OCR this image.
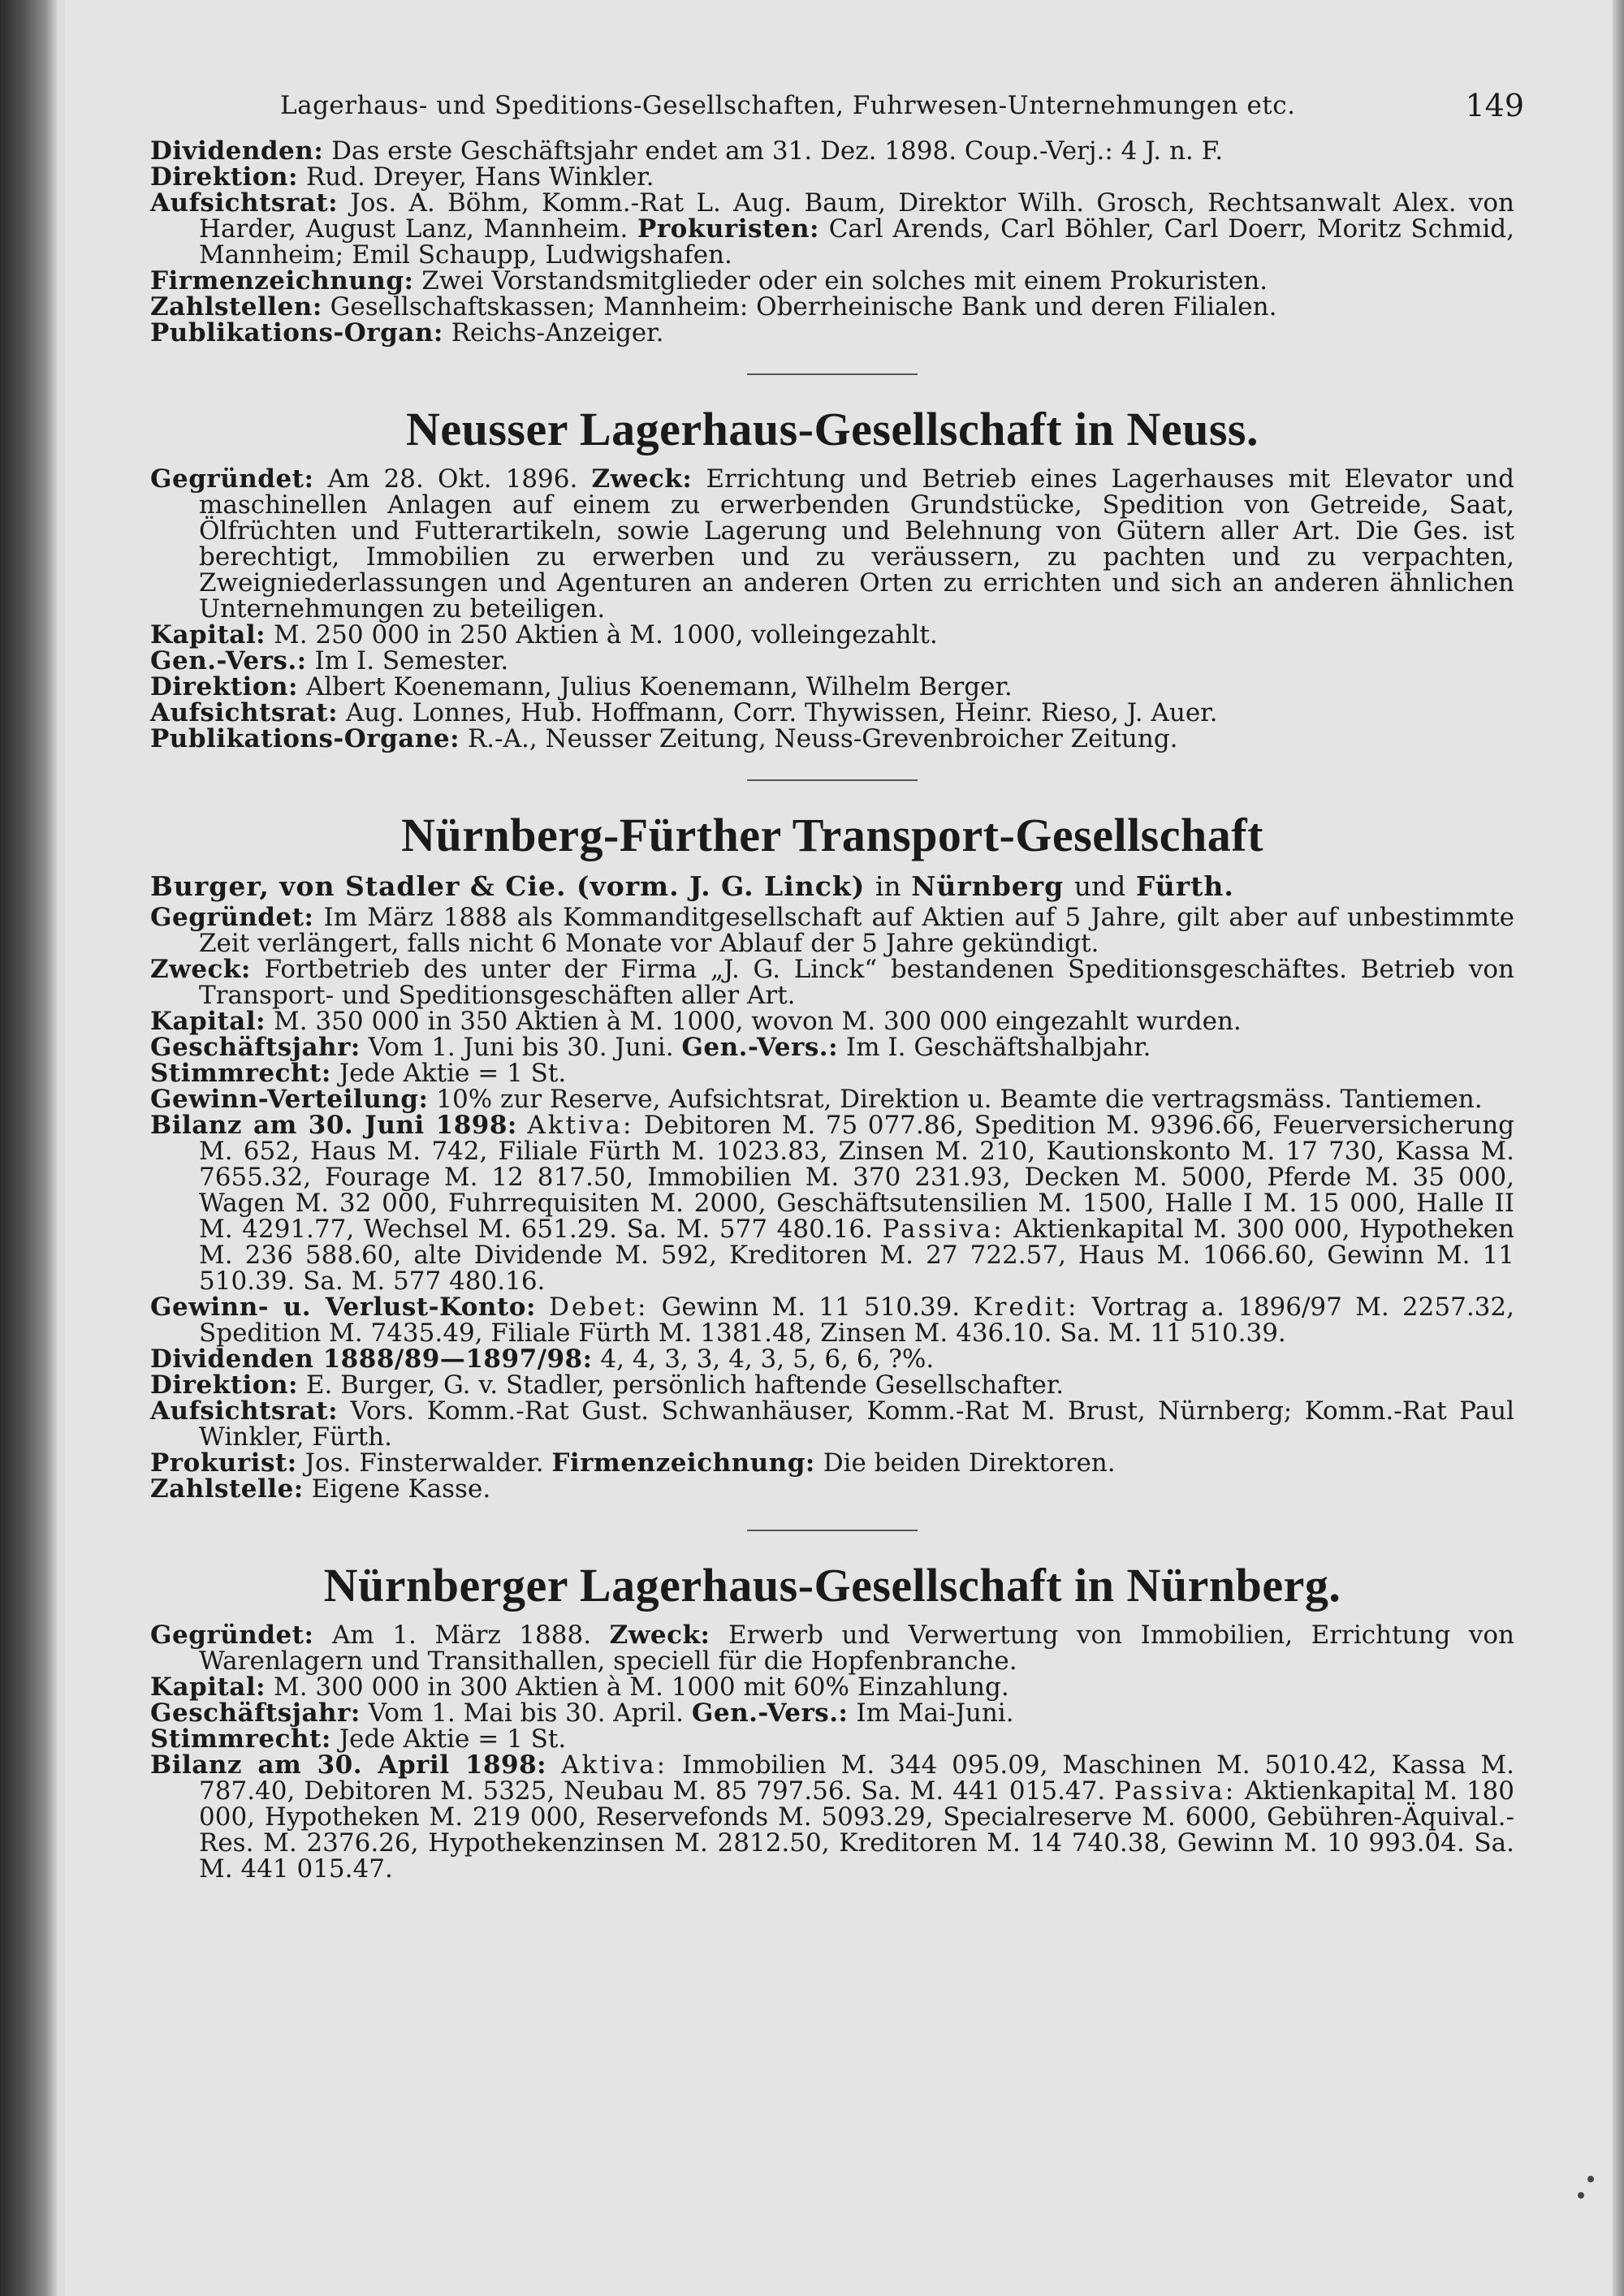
Lagerhaus- und Speditions-Gesellschaften, Fuhrwesen-Unternehmungen etc.	149

Dividenden: Das erste Geschäftsjahr endet am 31. Dez. 1898. Coup.-Verj.: 4 J. n. F.

Direktion: Rud. Dreyer, Hans Winkler.

Aufsichtsrat: Jos. A. Böhm, Komm.-Rat L. Aug. Baum, Direktor Wilh. Grosch, Rechtsanwalt Alex. von Harder, August Lanz, Mannheim. Prokuristen: Carl Arends, Carl Böhler, Carl Doerr, Moritz Schmid, Mannheim; Emil Schaupp, Ludwigshafen.

Firmenzeichnung: Zwei Vorstandsmitglieder oder ein solches mit einem Prokuristen.

Zahlstellen: Gesellschaftskassen; Mannheim: Oberrheinische Bank und deren Filialen.

Publikations-Organ: Reichs-Anzeiger.

Neusser Lagerhaus-Gesellschaft in Neuss.

Gegründet: Am 28. Okt. 1896. Zweck: Errichtung und Betrieb eines Lagerhauses mit Elevator und maschinellen Anlagen auf einem zu erwerbenden Grundstücke, Spedition von Getreide, Saat, Ölfrüchten und Futterartikeln, sowie Lagerung und Belehnung von Gütern aller Art. Die Ges. ist berechtigt, Immobilien zu erwerben und zu veräussern, zu pachten und zu verpachten, Zweigniederlassungen und Agenturen an anderen Orten zu errichten und sich an anderen ähnlichen Unternehmungen zu beteiligen.

Kapital: M. 250 000 in 250 Aktien à M. 1000, volleingezahlt.

Gen.-Vers.: Im I. Semester.

Direktion: Albert Koenemann, Julius Koenemann, Wilhelm Berger.

Aufsichtsrat: Aug. Lonnes, Hub. Hoffmann, Corr. Thywissen, Heinr. Rieso, J. Auer.

Publikations-Organe: R.-A., Neusser Zeitung, Neuss-Grevenbroicher Zeitung.

Nürnberg-Fürther Transport-Gesellschaft
Burger, von Stadler & Cie. (vorm. J. G. Linck) in Nürnberg und Fürth.

Gegründet: Im März 1888 als Kommanditgesellschaft auf Aktien auf 5 Jahre, gilt aber auf unbestimmte Zeit verlängert, falls nicht 6 Monate vor Ablauf der 5 Jahre gekündigt.

Zweck: Fortbetrieb des unter der Firma „J. G. Linck“ bestandenen Speditionsgeschäftes. Betrieb von Transport- und Speditionsgeschäften aller Art.

Kapital: M. 350 000 in 350 Aktien à M. 1000, wovon M. 300 000 eingezahlt wurden.

Geschäftsjahr: Vom 1. Juni bis 30. Juni. Gen.-Vers.: Im I. Geschäftshalbjahr.

Stimmrecht: Jede Aktie = 1 St.

Gewinn-Verteilung: 10% zur Reserve, Aufsichtsrat, Direktion u. Beamte die vertragsmäss. Tantiemen.

Bilanz am 30. Juni 1898: Aktiva: Debitoren M. 75 077.86, Spedition M. 9396.66, Feuerversicherung M. 652, Haus M. 742, Filiale Fürth M. 1023.83, Zinsen M. 210, Kautionskonto M. 17 730, Kassa M. 7655.32, Fourage M. 12 817.50, Immobilien M. 370 231.93, Decken M. 5000, Pferde M. 35 000, Wagen M. 32 000, Fuhrrequisiten M. 2000, Geschäftsutensilien M. 1500, Halle I M. 15 000, Halle II M. 4291.77, Wechsel M. 651.29. Sa. M. 577 480.16. Passiva: Aktienkapital M. 300 000, Hypotheken M. 236 588.60, alte Dividende M. 592, Kreditoren M. 27 722.57, Haus M. 1066.60, Gewinn M. 11 510.39. Sa. M. 577 480.16.

Gewinn- u. Verlust-Konto: Debet: Gewinn M. 11 510.39. Kredit: Vortrag a. 1896/97 M. 2257.32, Spedition M. 7435.49, Filiale Fürth M. 1381.48, Zinsen M. 436.10. Sa. M. 11 510.39.

Dividenden 1888/89—1897/98: 4, 4, 3, 3, 4, 3, 5, 6, 6, ?%.

Direktion: E. Burger, G. v. Stadler, persönlich haftende Gesellschafter.

Aufsichtsrat: Vors. Komm.-Rat Gust. Schwanhäuser, Komm.-Rat M. Brust, Nürnberg; Komm.-Rat Paul Winkler, Fürth.

Prokurist: Jos. Finsterwalder. Firmenzeichnung: Die beiden Direktoren.

Zahlstelle: Eigene Kasse.

Nürnberger Lagerhaus-Gesellschaft in Nürnberg.

Gegründet: Am 1. März 1888. Zweck: Erwerb und Verwertung von Immobilien, Errichtung von Warenlagern und Transithallen, speciell für die Hopfenbranche.

Kapital: M. 300 000 in 300 Aktien à M. 1000 mit 60% Einzahlung.

Geschäftsjahr: Vom 1. Mai bis 30. April. Gen.-Vers.: Im Mai-Juni.

Stimmrecht: Jede Aktie = 1 St.

Bilanz am 30. April 1898: Aktiva: Immobilien M. 344 095.09, Maschinen M. 5010.42, Kassa M. 787.40, Debitoren M. 5325, Neubau M. 85 797.56. Sa. M. 441 015.47. Passiva: Aktienkapital M. 180 000, Hypotheken M. 219 000, Reservefonds M. 5093.29, Specialreserve M. 6000, Gebühren-Äquival.-Res. M. 2376.26, Hypothekenzinsen M. 2812.50, Kreditoren M. 14 740.38, Gewinn M. 10 993.04. Sa. M. 441 015.47.
